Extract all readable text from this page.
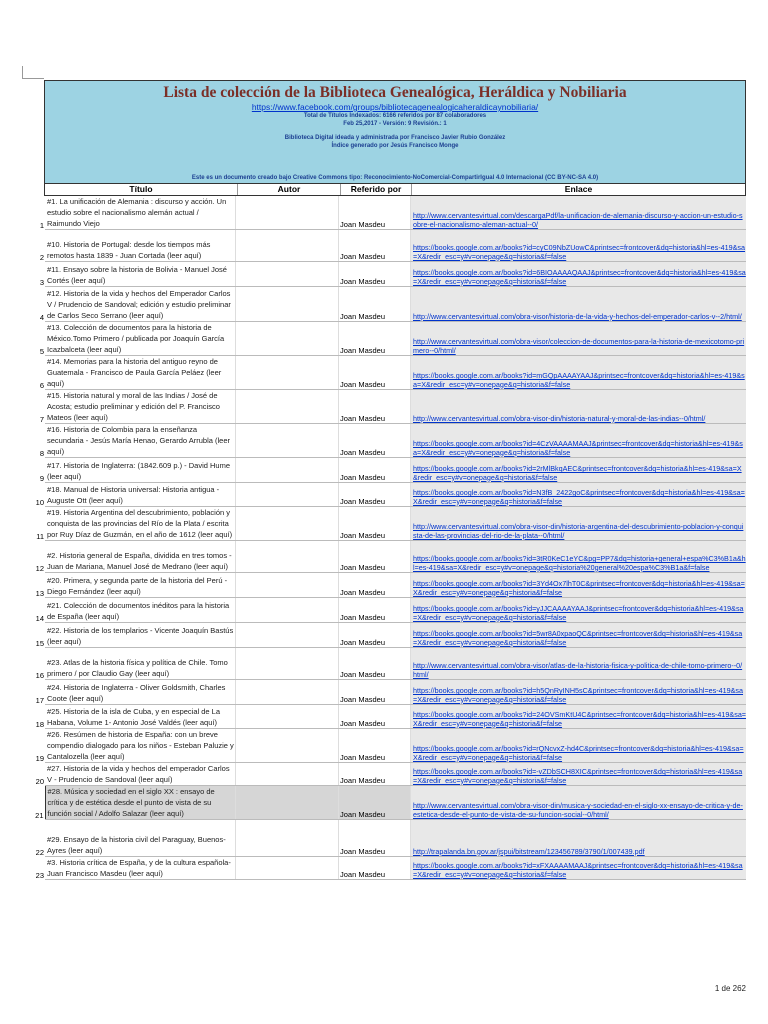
Lista de colección de la Biblioteca Genealógica, Heráldica y Nobiliaria
https://www.facebook.com/groups/bibliotecagenealogicaheraldicaynobiliaria/
Total de Títulos Indexados: 6166 referidos por 87 colaboradores
Feb 25,2017 - Versión: 9 Revisión.: 1
Biblioteca Digital ideada y administrada por Francisco Javier Rubio González
Índice generado por Jesús Francisco Monge
Este es un documento creado bajo Creative Commons tipo: Reconocimiento-NoComercial-CompartirIgual 4.0 Internacional (CC BY-NC-SA 4.0)
Título	Autor	Referido por	Enlace
1	#1. La unificación de Alemania : discurso y acción. Un estudio sobre el nacionalismo alemán actual / Raimundo Viejo		Joan Masdeu	http://www.cervantesvirtual.com/descargaPdf/la-unificacion-de-alemania-discurso-y-accion-un-estudio-sobre-el-nacionalismo-aleman-actual--0/
2	#10. Historia de Portugal: desde los tiempos más remotos hasta 1839 - Juan Cortada (leer aquí)		Joan Masdeu	https://books.google.com.ar/books?id=cyC09NbZUowC&printsec=frontcover&dq=historia&hl=es-419&sa=X&redir_esc=y#v=onepage&q=historia&f=false
3	#11. Ensayo sobre la historia de Bolivia - Manuel José Cortés (leer aquí)		Joan Masdeu	https://books.google.com.ar/books?id=6BIOAAAAQAAJ&printsec=frontcover&dq=historia&hl=es-419&sa=X&redir_esc=y#v=onepage&q=historia&f=false
4	#12. Historia de la vida y hechos del Emperador Carlos V / Prudencio de Sandoval; edición y estudio preliminar de Carlos Seco Serrano (leer aquí)		Joan Masdeu	http://www.cervantesvirtual.com/obra-visor/historia-de-la-vida-y-hechos-del-emperador-carlos-v--2/html/
5	#13. Colección de documentos para la historia de México.Tomo Primero / publicada por Joaquín García Icazbalceta (leer aquí)		Joan Masdeu	http://www.cervantesvirtual.com/obra-visor/coleccion-de-documentos-para-la-historia-de-mexicotomo-primero--0/html/
6	#14. Memorias para la historia del antiguo reyno de Guatemala - Francisco de Paula García Peláez (leer aquí)		Joan Masdeu	https://books.google.com.ar/books?id=mGQpAAAAYAAJ&printsec=frontcover&dq=historia&hl=es-419&sa=X&redir_esc=y#v=onepage&q=historia&f=false
7	#15. Historia natural y moral de las Indias / José de Acosta; estudio preliminar y edición del P. Francisco Mateos (leer aquí)		Joan Masdeu	http://www.cervantesvirtual.com/obra-visor-din/historia-natural-y-moral-de-las-indias--0/html/
8	#16. Historia de Colombia para la enseñanza secundaria - Jesús María Henao, Gerardo Arrubla (leer aquí)		Joan Masdeu	https://books.google.com.ar/books?id=4CzVAAAAMAAJ&printsec=frontcover&dq=historia&hl=es-419&sa=X&redir_esc=y#v=onepage&q=historia&f=false
9	#17. Historia de Inglaterra: (1842.609 p.) - David Hume (leer aquí)		Joan Masdeu	https://books.google.com.ar/books?id=2rMlBkqAEC&printsec=frontcover&dq=historia&hl=es-419&sa=X&redir_esc=y#v=onepage&q=historia&f=false
10	#18. Manual de Historia universal: Historia antigua - Auguste Ott (leer aquí)		Joan Masdeu	https://books.google.com.ar/books?id=N3fB_2422goC&printsec=frontcover&dq=historia&hl=es-419&sa=X&redir_esc=y#v=onepage&q=historia&f=false
11	#19. Historia Argentina del descubrimiento, población y conquista de las provincias del Río de la Plata / escrita por Ruy Díaz de Guzmán, en el año de 1612 (leer aquí)		Joan Masdeu	http://www.cervantesvirtual.com/obra-visor-din/historia-argentina-del-descubrimiento-poblacion-y-conquista-de-las-provincias-del-rio-de-la-plata--0/html/
12	#2. Historia general de España, dividida en tres tomos - Juan de Mariana, Manuel José de Medrano (leer aquí)		Joan Masdeu	https://books.google.com.ar/books?id=3tR0KeC1eYC&pg=PP7&dq=historia+general+espa%C3%B1a&hl=es-419&sa=X&redir_esc=y#v=onepage&q=historia%20general%20espa%C3%B1a&f=false
13	#20. Primera, y segunda parte de la historia del Perú - Diego Fernández (leer aquí)		Joan Masdeu	https://books.google.com.ar/books?id=3Yd4Ox7lhT0C&printsec=frontcover&dq=historia&hl=es-419&sa=X&redir_esc=y#v=onepage&q=historia&f=false
14	#21. Colección de documentos inéditos para la historia de España (leer aquí)		Joan Masdeu	https://books.google.com.ar/books?id=yJJCAAAAYAAJ&printsec=frontcover&dq=historia&hl=es-419&sa=X&redir_esc=y#v=onepage&q=historia&f=false
15	#22. Historia de los templarios - Vicente Joaquín Bastús (leer aquí)		Joan Masdeu	https://books.google.com.ar/books?id=5wr8A0xpaoQC&printsec=frontcover&dq=historia&hl=es-419&sa=X&redir_esc=y#v=onepage&q=historia&f=false
16	#23. Atlas de la historia física y política de Chile. Tomo primero / por Claudio Gay (leer aquí)		Joan Masdeu	http://www.cervantesvirtual.com/obra-visor/atlas-de-la-historia-fisica-y-politica-de-chile-tomo-primero--0/html/
17	#24. Historia de Inglaterra - Oliver Goldsmith, Charles Coote (leer aquí)		Joan Masdeu	https://books.google.com.ar/books?id=h5QnRyINH5sC&printsec=frontcover&dq=historia&hl=es-419&sa=X&redir_esc=y#v=onepage&q=historia&f=false
18	#25. Historia de la isla de Cuba, y en especial de La Habana, Volume 1- Antonio José Valdés (leer aquí)		Joan Masdeu	https://books.google.com.ar/books?id=24OVSmKtU4C&printsec=frontcover&dq=historia&hl=es-419&sa=X&redir_esc=y#v=onepage&q=historia&f=false
19	#26. Resúmen de historia de España: con un breve compendio dialogado para los niños - Esteban Paluzie y Cantalozella (leer aquí)		Joan Masdeu	https://books.google.com.ar/books?id=rQNcvxZ-hd4C&printsec=frontcover&dq=historia&hl=es-419&sa=X&redir_esc=y#v=onepage&q=historia&f=false
20	#27. Historia de la vida y hechos del emperador Carlos V - Prudencio de Sandoval (leer aquí)		Joan Masdeu	https://books.google.com.ar/books?id=-vZDbSCH8XIC&printsec=frontcover&dq=historia&hl=es-419&sa=X&redir_esc=y#v=onepage&q=historia&f=false
21	#28. Música y sociedad en el siglo XX : ensayo de crítica y de estética desde el punto de vista de su función social / Adolfo Salazar (leer aquí)		Joan Masdeu	http://www.cervantesvirtual.com/obra-visor-din/musica-y-sociedad-en-el-siglo-xx-ensayo-de-critica-y-de-estetica-desde-el-punto-de-vista-de-su-funcion-social--0/html/
22	#29. Ensayo de la historia civil del Paraguay, Buenos-Ayres (leer aquí)		Joan Masdeu	http://trapalanda.bn.gov.ar/jspui/bitstream/123456789/3790/1/007439.pdf
23	#3. Historia crítica de España, y de la cultura española- Juan Francisco Masdeu (leer aquí)		Joan Masdeu	https://books.google.com.ar/books?id=xFXAAAAMAAJ&printsec=frontcover&dq=historia&hl=es-419&sa=X&redir_esc=y#v=onepage&q=historia&f=false
1 de 262
